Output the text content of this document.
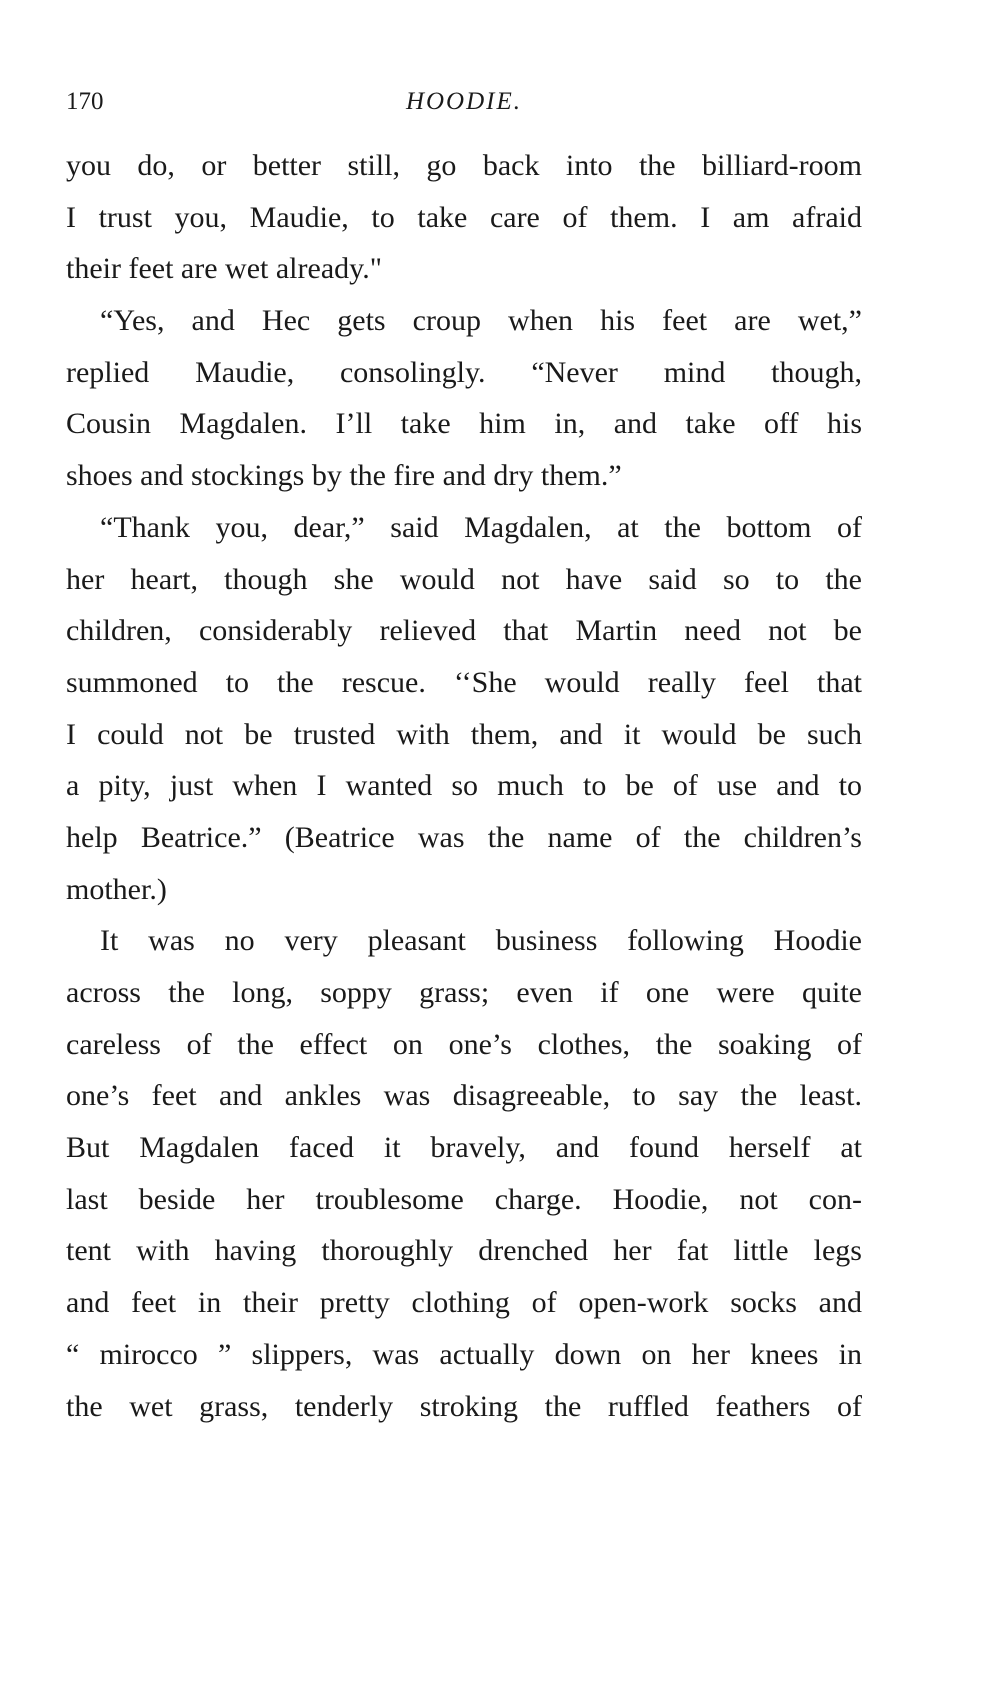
170	HOODIE.
you do, or better still, go back into the billiard-room
I trust you, Maudie, to take care of them. I am afraid
their feet are wet already."
“Yes, and Hec gets croup when his feet are wet,”
replied Maudie, consolingly. “Never mind though,
Cousin Magdalen. I’ll take him in, and take off his
shoes and stockings by the fire and dry them.”
“Thank you, dear,” said Magdalen, at the bottom of
her heart, though she would not have said so to the
children, considerably relieved that Martin need not be
summoned to the rescue. ‘‘She would really feel that
I could not be trusted with them, and it would be such
a pity, just when I wanted so much to be of use and to
help Beatrice.” (Beatrice was the name of the children’s
mother.)
It was no very pleasant business following Hoodie
across the long, soppy grass; even if one were quite
careless of the effect on one’s clothes, the soaking of
one’s feet and ankles was disagreeable, to say the least.
But Magdalen faced it bravely, and found herself at
last beside her troublesome charge. Hoodie, not con-
tent with having thoroughly drenched her fat little legs
and feet in their pretty clothing of open-work socks and
“ mirocco ” slippers, was actually down on her knees in
the wet grass, tenderly stroking the ruffled feathers of
